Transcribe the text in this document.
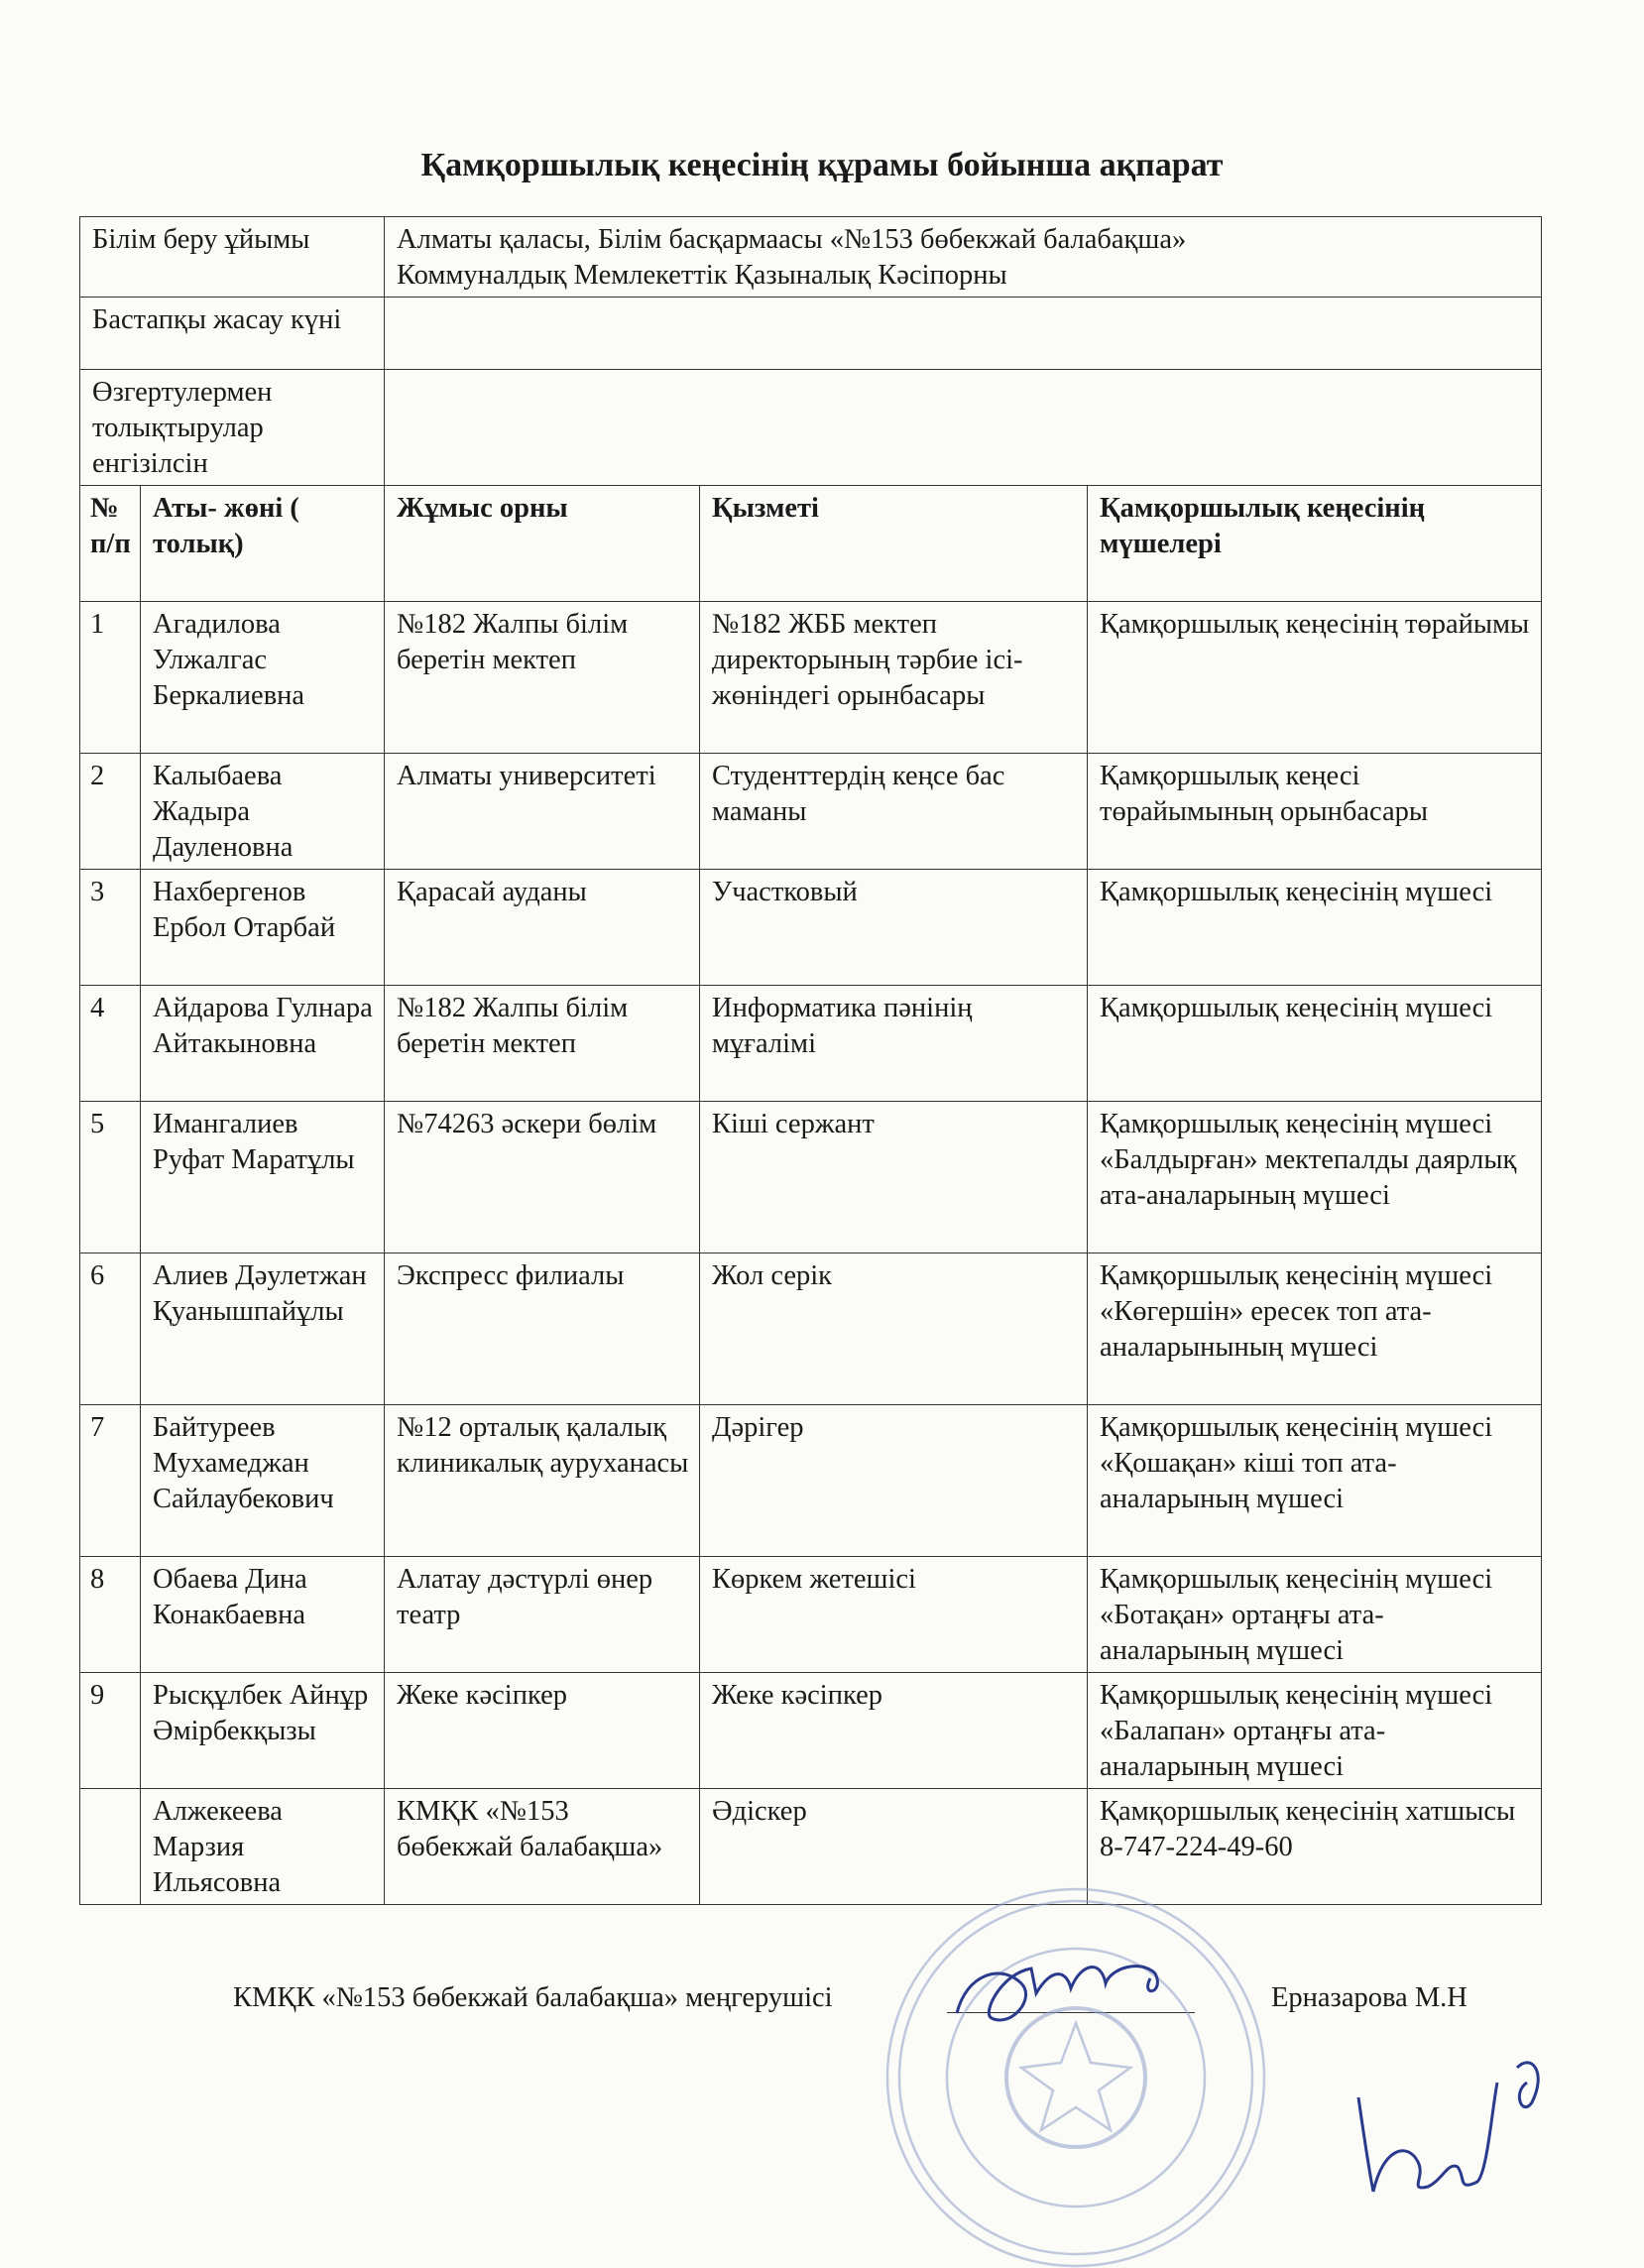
Қамқоршылық кеңесінің құрамы бойынша ақпарат
Білім беру ұйымы		Алматы қаласы, Білім басқармаасы «№153 бөбекжай балабақша»
Коммуналдық Мемлекеттік Қазыналық Кәсіпорны		

Бастапқы жасау күні				
Өзгертулермен толықтырулар енгізілсін				
№ п/п	Аты- жөні ( толық)	Жұмыс орны	Қызметі	Қамқоршылық кеңесінің мүшелері
1	Агадилова Улжалгас Беркалиевна	№182 Жалпы білім беретін мектеп	№182 ЖББ мектеп директорының тәрбие ісі- жөніндегі орынбасары	Қамқоршылық кеңесінің төрайымы
2	Калыбаева Жадыра Дауленовна	Алматы университеті	Студенттердің кеңсе бас маманы	Қамқоршылық кеңесі төрайымының орынбасары
3	Нахбергенов Ербол Отарбай	Қарасай ауданы	Участковый	Қамқоршылық кеңесінің мүшесі
4	Айдарова Гулнара Айтакыновна	№182 Жалпы білім беретін мектеп	Информатика пәнінің мұғалімі	Қамқоршылық кеңесінің мүшесі
5	Имангалиев Руфат Маратұлы	№74263 әскери бөлім	Кіші сержант	Қамқоршылық кеңесінің мүшесі «Балдырған» мектепалды даярлық ата-аналарының мүшесі
6	Алиев Дәулетжан Қуанышпайұлы	Экспресс филиалы	Жол серік	Қамқоршылық кеңесінің мүшесі «Көгершін» ересек топ ата-аналарынының мүшесі
7	Байтуреев Мухамеджан Сайлаубекович	№12 орталық қалалық клиникалық ауруханасы	Дәрігер	Қамқоршылық кеңесінің мүшесі «Қошақан» кіші топ ата-аналарының мүшесі
8	Обаева Дина Конакбаевна	Алатау дәстүрлі өнер театр	Көркем жетешісі	Қамқоршылық кеңесінің мүшесі «Ботақан» ортаңғы ата-аналарының мүшесі
9	Рысқұлбек Айнұр Әмірбекқызы	Жеке кәсіпкер	Жеке кәсіпкер	Қамқоршылық кеңесінің мүшесі «Балапан» ортаңғы ата-аналарының мүшесі
	Алжекеева Марзия Ильясовна	КМҚК «№153 бөбекжай балабақша»	Әдіскер	Қамқоршылық кеңесінің хатшысы
8-747-224-49-60
КМҚК «№153 бөбекжай балабақша» меңгерушісі	Ерназарова М.Н
